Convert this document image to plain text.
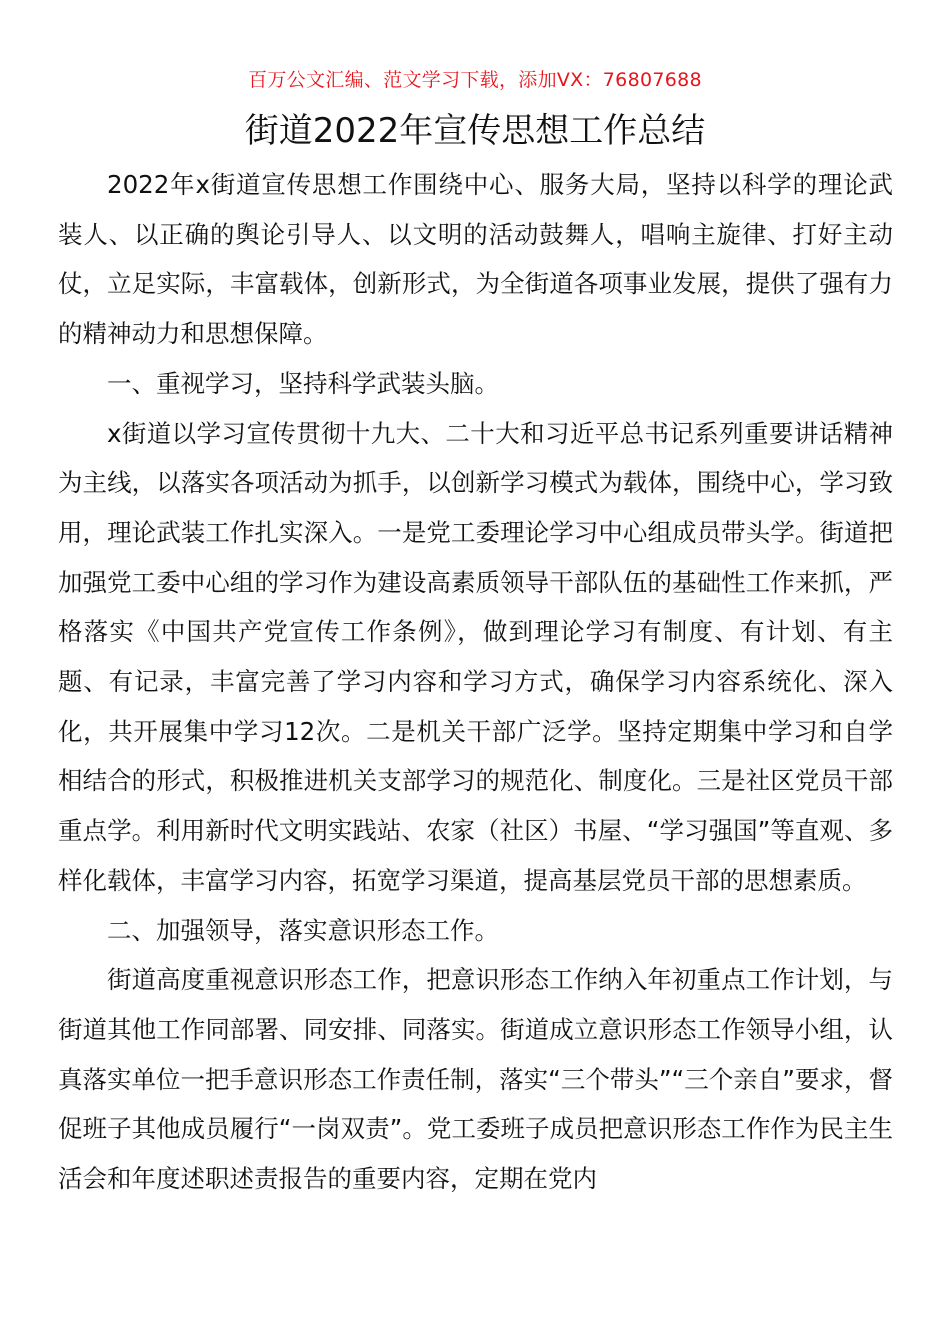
百万公文汇编、范文学习下载，添加VX：76807688
街道2022年宣传思想工作总结

2022年x街道宣传思想工作围绕中心、服务大局，坚持以科学的理论武装人、以正确的舆论引导人、以文明的活动鼓舞人，唱响主旋律、打好主动仗，立足实际，丰富载体，创新形式，为全街道各项事业发展，提供了强有力的精神动力和思想保障。

一、重视学习，坚持科学武装头脑。

x街道以学习宣传贯彻十九大、二十大和习近平总书记系列重要讲话精神为主线，以落实各项活动为抓手，以创新学习模式为载体，围绕中心，学习致用，理论武装工作扎实深入。一是党工委理论学习中心组成员带头学。街道把加强党工委中心组的学习作为建设高素质领导干部队伍的基础性工作来抓，严格落实《中国共产党宣传工作条例》，做到理论学习有制度、有计划、有主题、有记录，丰富完善了学习内容和学习方式，确保学习内容系统化、深入化，共开展集中学习12次。二是机关干部广泛学。坚持定期集中学习和自学相结合的形式，积极推进机关支部学习的规范化、制度化。三是社区党员干部重点学。利用新时代文明实践站、农家（社区）书屋、“学习强国”等直观、多样化载体，丰富学习内容，拓宽学习渠道，提高基层党员干部的思想素质。

二、加强领导，落实意识形态工作。

街道高度重视意识形态工作，把意识形态工作纳入年初重点工作计划，与街道其他工作同部署、同安排、同落实。街道成立意识形态工作领导小组，认真落实单位一把手意识形态工作责任制，落实“三个带头”“三个亲自”要求，督促班子其他成员履行“一岗双责”。党工委班子成员把意识形态工作作为民主生活会和年度述职述责报告的重要内容，定期在党内
